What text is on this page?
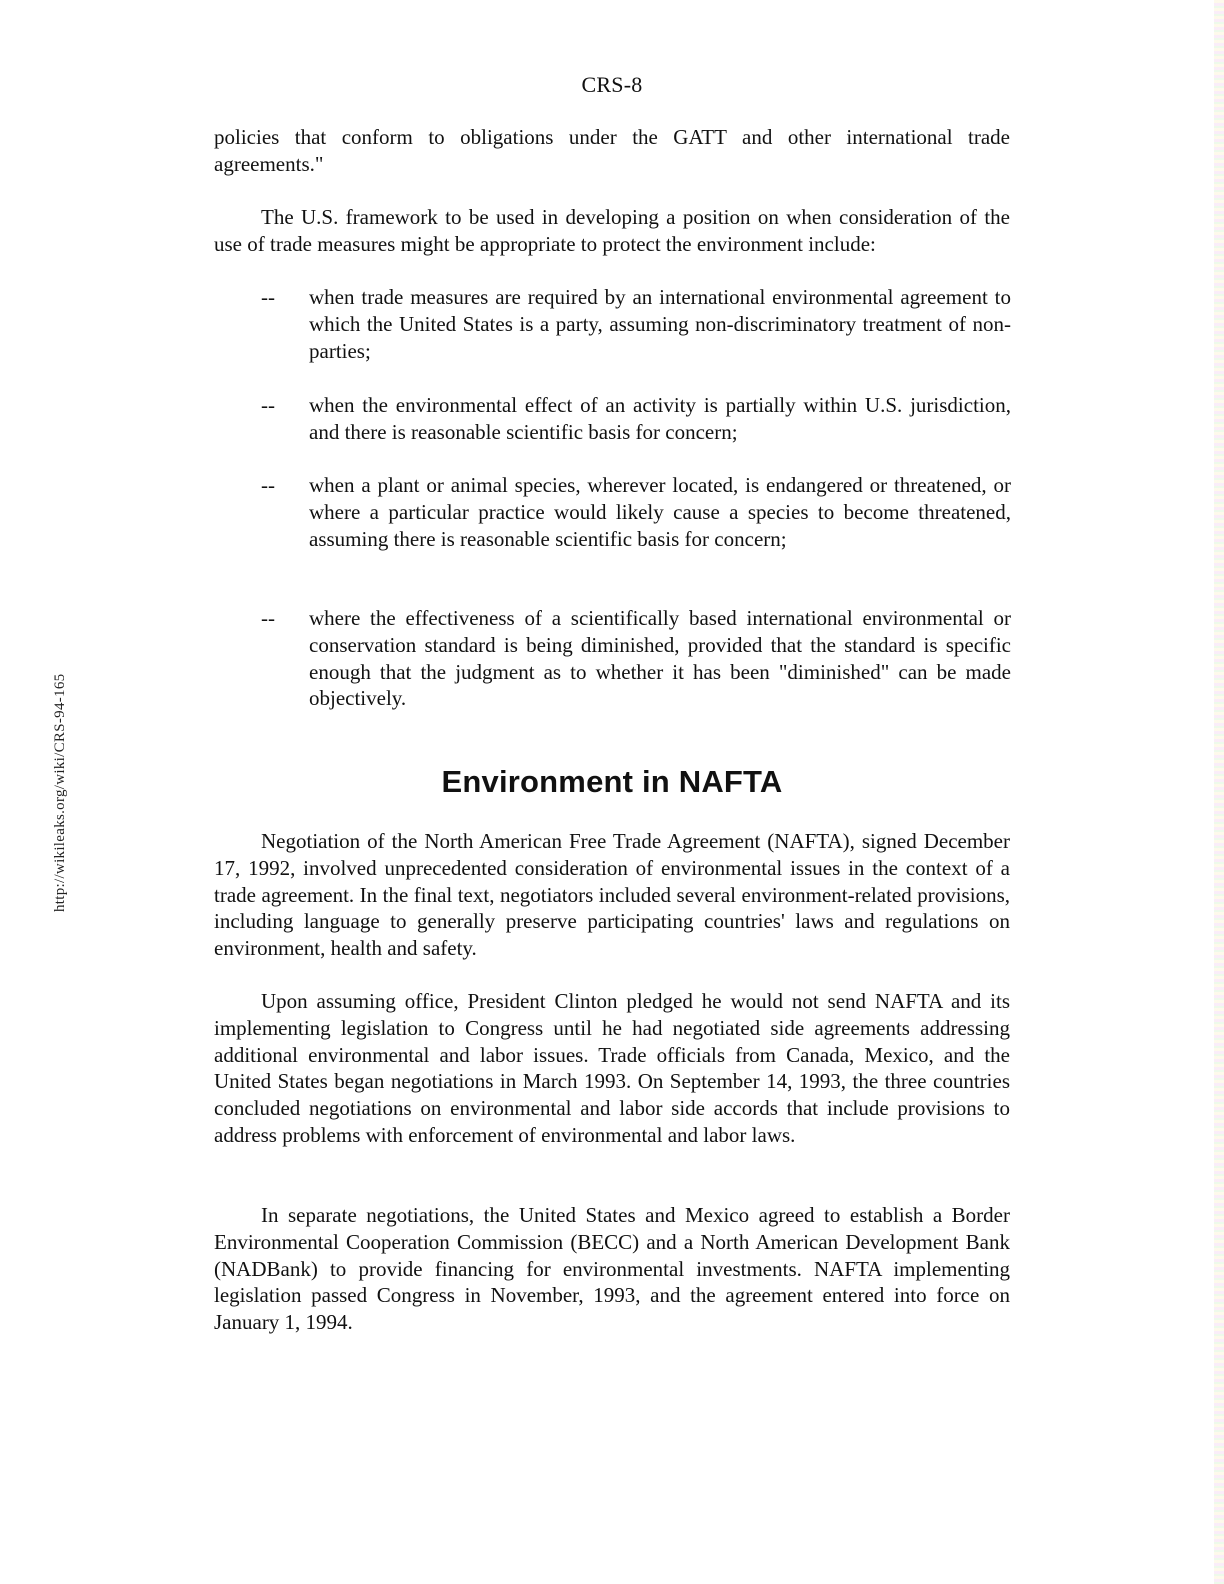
CRS-8
http://wikileaks.org/wiki/CRS-94-165

policies that conform to obligations under the GATT and other international trade agreements."

The U.S. framework to be used in developing a position on when consideration of the use of trade measures might be appropriate to protect the environment include:

--	when trade measures are required by an international environmental agreement to which the United States is a party, assuming non-discriminatory treatment of non-parties;
--	when the environmental effect of an activity is partially within U.S. jurisdiction, and there is reasonable scientific basis for concern;
--	when a plant or animal species, wherever located, is endangered or threatened, or where a particular practice would likely cause a species to become threatened, assuming there is reasonable scientific basis for concern;
--	where the effectiveness of a scientifically based international environmental or conservation standard is being diminished, provided that the standard is specific enough that the judgment as to whether it has been "diminished" can be made objectively.
Environment in NAFTA

Negotiation of the North American Free Trade Agreement (NAFTA), signed December 17, 1992, involved unprecedented consideration of environmental issues in the context of a trade agreement. In the final text, negotiators included several environment-related provisions, including language to generally preserve participating countries' laws and regulations on environment, health and safety.

Upon assuming office, President Clinton pledged he would not send NAFTA and its implementing legislation to Congress until he had negotiated side agreements addressing additional environmental and labor issues. Trade officials from Canada, Mexico, and the United States began negotiations in March 1993. On September 14, 1993, the three countries concluded negotiations on environmental and labor side accords that include provisions to address problems with enforcement of environmental and labor laws.

In separate negotiations, the United States and Mexico agreed to establish a Border Environmental Cooperation Commission (BECC) and a North American Development Bank (NADBank) to provide financing for environmental investments. NAFTA implementing legislation passed Congress in November, 1993, and the agreement entered into force on January 1, 1994.
